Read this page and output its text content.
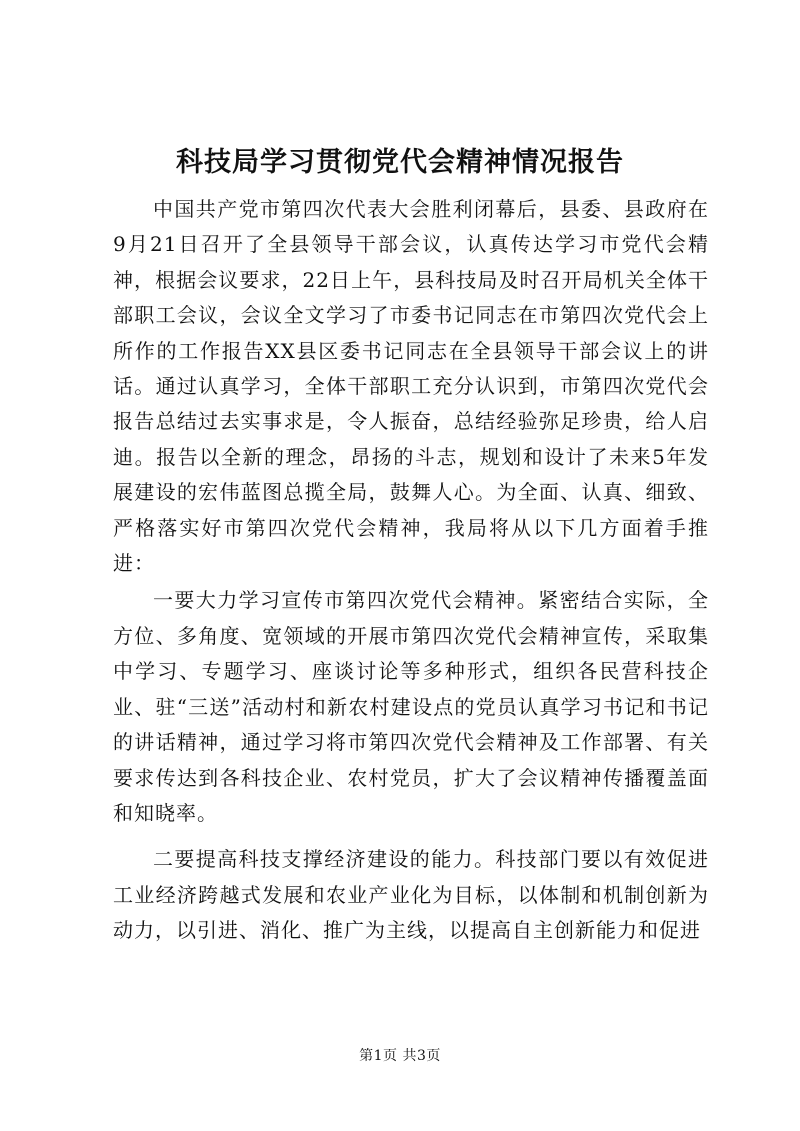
科技局学习贯彻党代会精神情况报告

中国共产党市第四次代表大会胜利闭幕后，县委、县政府在9月21日召开了全县领导干部会议，认真传达学习市党代会精神，根据会议要求，22日上午，县科技局及时召开局机关全体干部职工会议，会议全文学习了市委书记同志在市第四次党代会上所作的工作报告XX县区委书记同志在全县领导干部会议上的讲话。通过认真学习，全体干部职工充分认识到，市第四次党代会报告总结过去实事求是，令人振奋，总结经验弥足珍贵，给人启迪。报告以全新的理念，昂扬的斗志，规划和设计了未来5年发展建设的宏伟蓝图总揽全局，鼓舞人心。为全面、认真、细致、严格落实好市第四次党代会精神，我局将从以下几方面着手推进：

一要大力学习宣传市第四次党代会精神。紧密结合实际，全方位、多角度、宽领域的开展市第四次党代会精神宣传，采取集中学习、专题学习、座谈讨论等多种形式，组织各民营科技企业、驻“三送”活动村和新农村建设点的党员认真学习书记和书记的讲话精神，通过学习将市第四次党代会精神及工作部署、有关要求传达到各科技企业、农村党员，扩大了会议精神传播覆盖面和知晓率。

二要提高科技支撑经济建设的能力。科技部门要以有效促进工业经济跨越式发展和农业产业化为目标，以体制和机制创新为动力，以引进、消化、推广为主线，以提高自主创新能力和促进

第1页 共3页
